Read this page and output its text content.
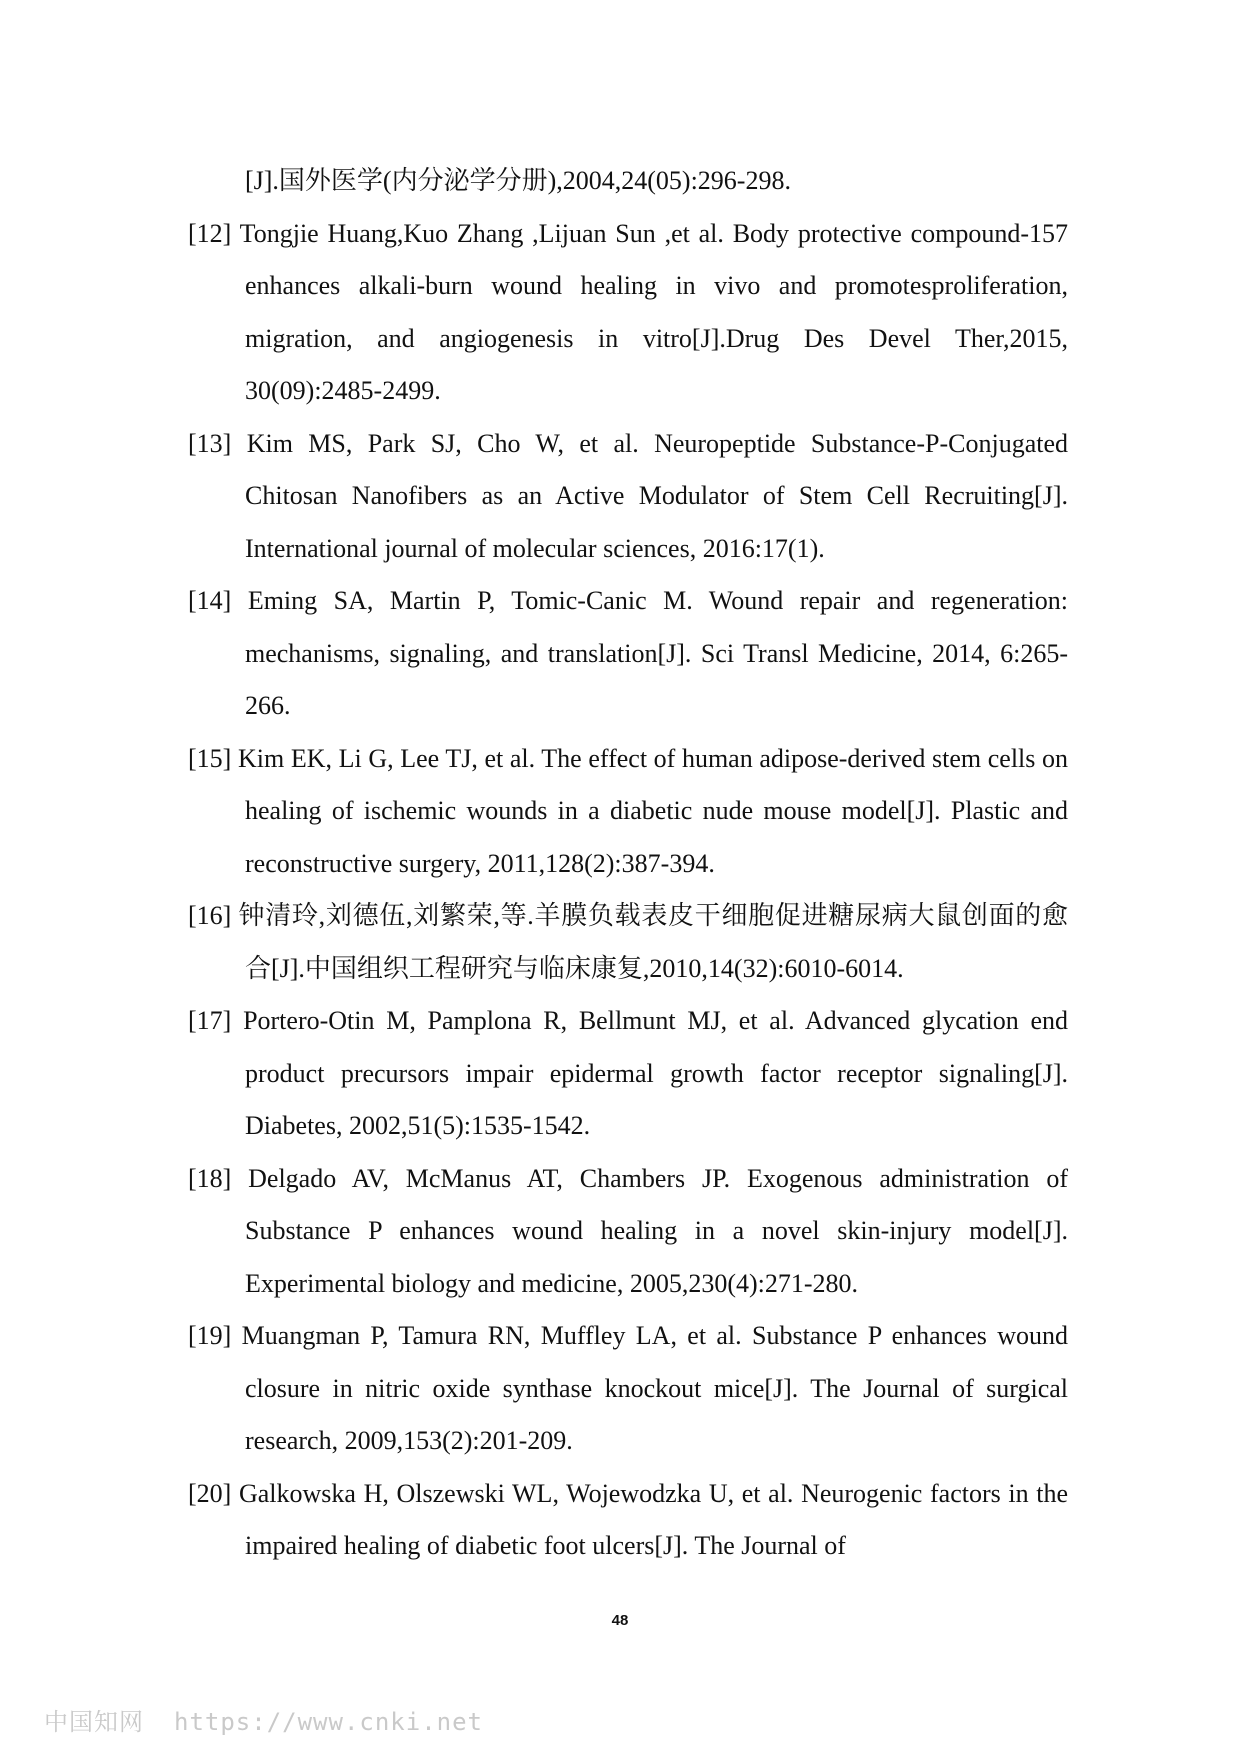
[J].国外医学(内分泌学分册),2004,24(05):296-298.

[12] Tongjie Huang,Kuo Zhang ,Lijuan Sun ,et al. Body protective compound-157 enhances alkali-burn wound healing in vivo and promotesproliferation, migration, and angiogenesis in vitro[J].Drug Des Devel Ther,2015, 30(09):2485-2499.

[13] Kim MS, Park SJ, Cho W, et al. Neuropeptide Substance-P-Conjugated Chitosan Nanofibers as an Active Modulator of Stem Cell Recruiting[J]. International journal of molecular sciences, 2016:17(1).

[14] Eming SA, Martin P, Tomic-Canic M. Wound repair and regeneration: mechanisms, signaling, and translation[J]. Sci Transl Medicine, 2014, 6:265-266.

[15] Kim EK, Li G, Lee TJ, et al. The effect of human adipose-derived stem cells on healing of ischemic wounds in a diabetic nude mouse model[J]. Plastic and reconstructive surgery, 2011,128(2):387-394.

[16] 钟清玲,刘德伍,刘繁荣,等.羊膜负载表皮干细胞促进糖尿病大鼠创面的愈合[J].中国组织工程研究与临床康复,2010,14(32):6010-6014.

[17] Portero-Otin M, Pamplona R, Bellmunt MJ, et al. Advanced glycation end product precursors impair epidermal growth factor receptor signaling[J]. Diabetes, 2002,51(5):1535-1542.

[18] Delgado AV, McManus AT, Chambers JP. Exogenous administration of Substance P enhances wound healing in a novel skin-injury model[J]. Experimental biology and medicine, 2005,230(4):271-280.

[19] Muangman P, Tamura RN, Muffley LA, et al. Substance P enhances wound closure in nitric oxide synthase knockout mice[J]. The Journal of surgical research, 2009,153(2):201-209.

[20] Galkowska H, Olszewski WL, Wojewodzka U, et al. Neurogenic factors in the impaired healing of diabetic foot ulcers[J]. The Journal of

48
中国知网 https://www.cnki.net
